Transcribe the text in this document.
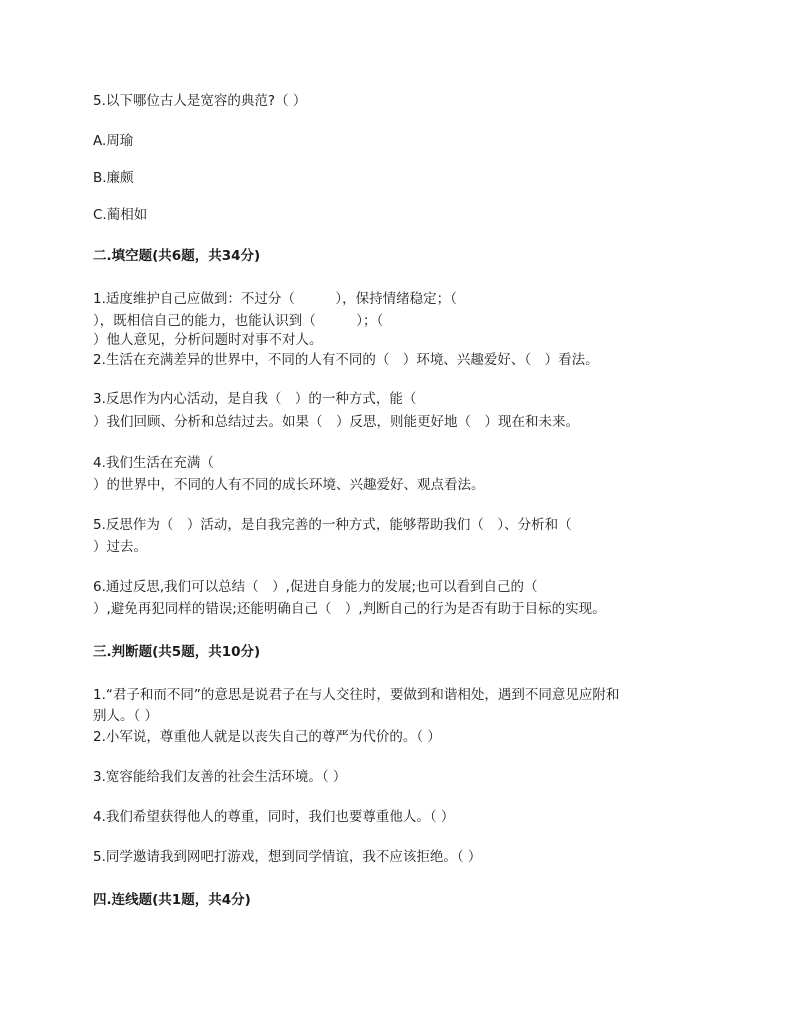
5.以下哪位古人是宽容的典范?（ ）
A.周瑜
B.廉颇
C.蔺相如
二.填空题(共6题，共34分)
1.适度维护自己应做到：不过分（　　　），保持情绪稳定；（
），既相信自己的能力，也能认识到（　　　）；（
）他人意见，分析问题时对事不对人。
2.生活在充满差异的世界中，不同的人有不同的（　）环境、兴趣爱好、（　）看法。
3.反思作为内心活动，是自我（　）的一种方式，能（
）我们回顾、分析和总结过去。如果（　）反思，则能更好地（　）现在和未来。
4.我们生活在充满（
）的世界中，不同的人有不同的成长环境、兴趣爱好、观点看法。
5.反思作为（　）活动，是自我完善的一种方式，能够帮助我们（　）、分析和（
）过去。
6.通过反思,我们可以总结（　）,促进自身能力的发展;也可以看到自己的（
）,避免再犯同样的错误;还能明确自己（　）,判断自己的行为是否有助于目标的实现。
三.判断题(共5题，共10分)
1.“君子和而不同”的意思是说君子在与人交往时，要做到和谐相处，遇到不同意见应附和
别人。（ ）
2.小军说，尊重他人就是以丧失自己的尊严为代价的。（ ）
3.宽容能给我们友善的社会生活环境。（ ）
4.我们希望获得他人的尊重，同时，我们也要尊重他人。（ ）
5.同学邀请我到网吧打游戏，想到同学情谊，我不应该拒绝。（ ）
四.连线题(共1题，共4分)
